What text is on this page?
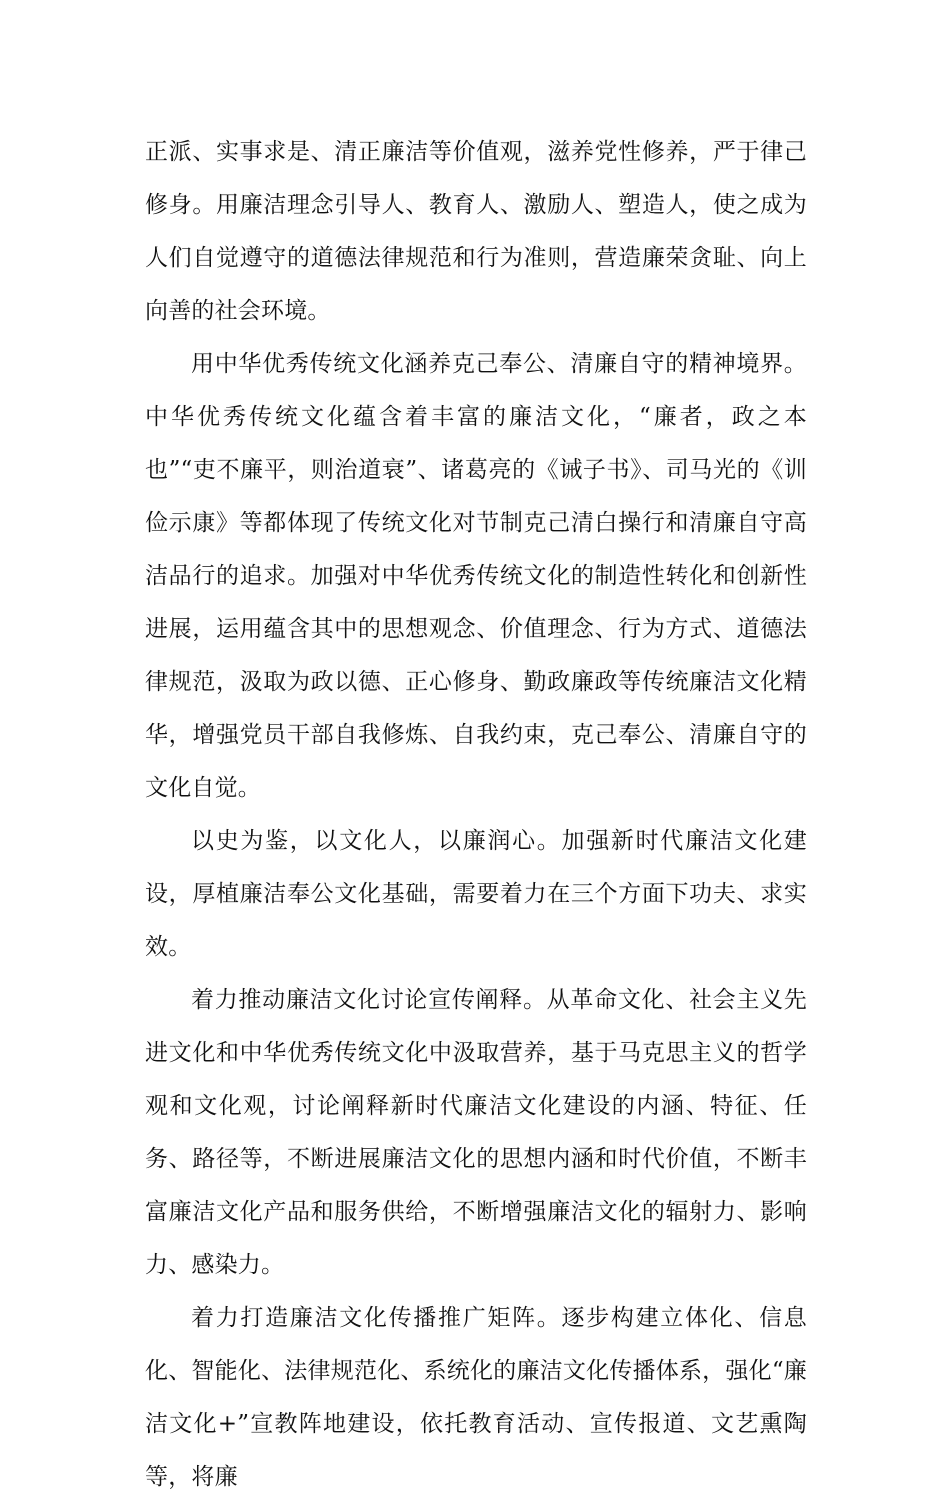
正派、实事求是、清正廉洁等价值观，滋养党性修养，严于律己修身。用廉洁理念引导人、教育人、激励人、塑造人，使之成为人们自觉遵守的道德法律规范和行为准则，营造廉荣贪耻、向上向善的社会环境。

用中华优秀传统文化涵养克己奉公、清廉自守的精神境界。中华优秀传统文化蕴含着丰富的廉洁文化，“廉者，政之本也”“吏不廉平，则治道衰”、诸葛亮的《诫子书》、司马光的《训俭示康》等都体现了传统文化对节制克己清白操行和清廉自守高洁品行的追求。加强对中华优秀传统文化的制造性转化和创新性进展，运用蕴含其中的思想观念、价值理念、行为方式、道德法律规范，汲取为政以德、正心修身、勤政廉政等传统廉洁文化精华，增强党员干部自我修炼、自我约束，克己奉公、清廉自守的文化自觉。

以史为鉴，以文化人，以廉润心。加强新时代廉洁文化建设，厚植廉洁奉公文化基础，需要着力在三个方面下功夫、求实效。

着力推动廉洁文化讨论宣传阐释。从革命文化、社会主义先进文化和中华优秀传统文化中汲取营养，基于马克思主义的哲学观和文化观，讨论阐释新时代廉洁文化建设的内涵、特征、任务、路径等，不断进展廉洁文化的思想内涵和时代价值，不断丰富廉洁文化产品和服务供给，不断增强廉洁文化的辐射力、影响力、感染力。

着力打造廉洁文化传播推广矩阵。逐步构建立体化、信息化、智能化、法律规范化、系统化的廉洁文化传播体系，强化“廉洁文化+”宣教阵地建设，依托教育活动、宣传报道、文艺熏陶等，将廉
